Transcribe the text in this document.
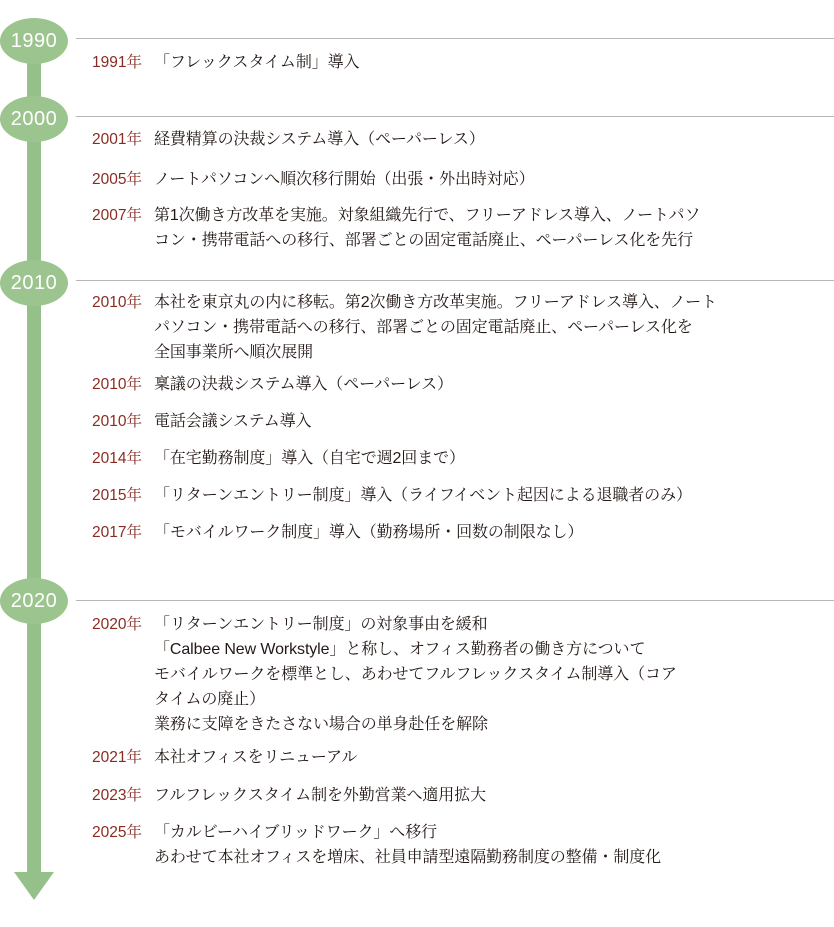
1990
2000
2010
2020
1991年 「フレックスタイム制」導入
2001年 経費精算の決裁システム導入（ペーパーレス）
2005年 ノートパソコンへ順次移行開始（出張・外出時対応）
2007年 第1次働き方改革を実施。対象組織先行で、フリーアドレス導入、ノートパソ
コン・携帯電話への移行、部署ごとの固定電話廃止、ペーパーレス化を先行
2010年 本社を東京丸の内に移転。第2次働き方改革実施。フリーアドレス導入、ノート
パソコン・携帯電話への移行、部署ごとの固定電話廃止、ペーパーレス化を
全国事業所へ順次展開
2010年 稟議の決裁システム導入（ペーパーレス）
2010年 電話会議システム導入
2014年 「在宅勤務制度」導入（自宅で週2回まで）
2015年 「リターンエントリー制度」導入（ライフイベント起因による退職者のみ）
2017年 「モバイルワーク制度」導入（勤務場所・回数の制限なし）
2020年 「リターンエントリー制度」の対象事由を緩和
「Calbee New Workstyle」と称し、オフィス勤務者の働き方について
モバイルワークを標準とし、あわせてフルフレックスタイム制導入（コア
タイムの廃止）
業務に支障をきたさない場合の単身赴任を解除
2021年 本社オフィスをリニューアル
2023年 フルフレックスタイム制を外勤営業へ適用拡大
2025年 「カルビーハイブリッドワーク」へ移行
あわせて本社オフィスを増床、社員申請型遠隔勤務制度の整備・制度化
